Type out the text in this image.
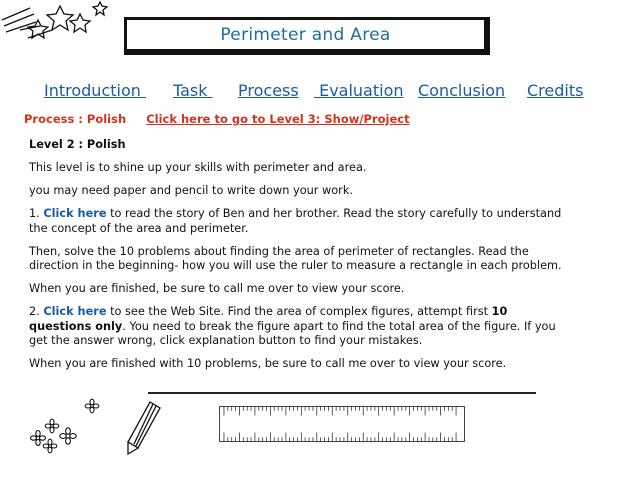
Perimeter and Area
Introduction Task Process Evaluation Conclusion Credits
Process : Polish Click here to go to Level 3: Show/Project

Level 2 : Polish

This level is to shine up your skills with perimeter and area.

you may need paper and pencil to write down your work.

1. Click here to read the story of Ben and her brother. Read the story carefully to understand the concept of the area and perimeter.

Then, solve the 10 problems about finding the area of perimeter of rectangles. Read the direction in the beginning- how you will use the ruler to measure a rectangle in each problem.

When you are finished, be sure to call me over to view your score.

2. Click here to see the Web Site. Find the area of complex figures, attempt first 10 questions only. You need to break the figure apart to find the total area of the figure. If you get the answer wrong, click explanation button to find your mistakes.

When you are finished with 10 problems, be sure to call me over to view your score.
